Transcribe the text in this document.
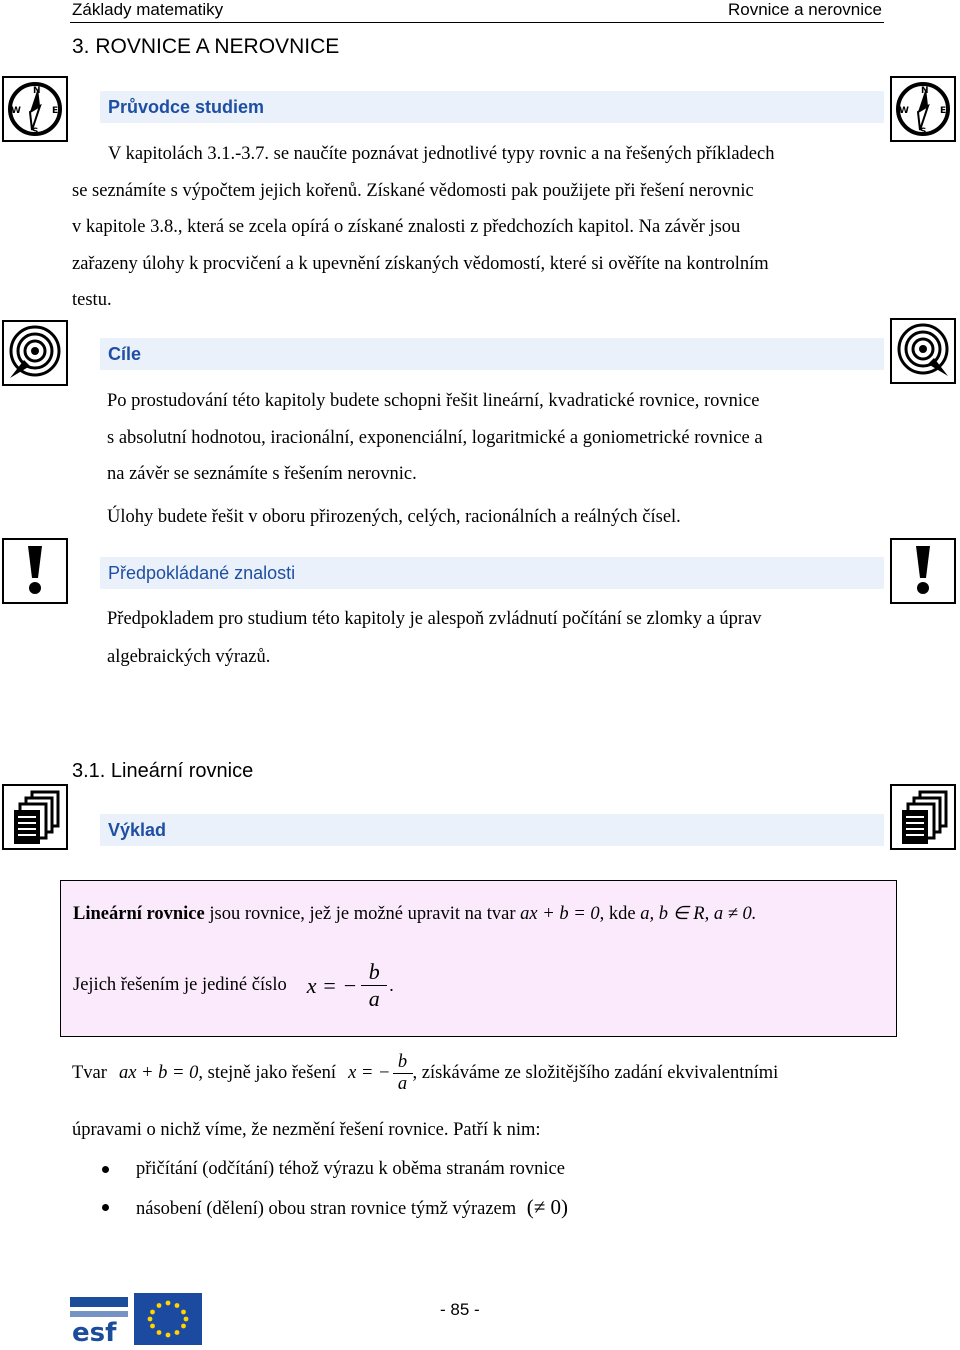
Základy matematiky	Rovnice a nerovnice
3. ROVNICE A NEROVNICE
N
W	E
S
N
W	E
S
Průvodce studiem
V kapitolách 3.1.-3.7. se naučíte poznávat jednotlivé typy rovnic a na řešených příkladech
se seznámíte s výpočtem jejich kořenů. Získané vědomosti pak použijete při řešení nerovnic
v kapitole 3.8., která se zcela opírá o získané znalosti z předchozích kapitol. Na závěr jsou
zařazeny úlohy k procvičení a k upevnění získaných vědomostí, které si ověříte na kontrolním
testu.
Cíle
Po prostudování této kapitoly budete schopni řešit lineární, kvadratické rovnice, rovnice
s absolutní hodnotou, iracionální, exponenciální, logaritmické a goniometrické rovnice a
na závěr se seznámíte s řešením nerovnic.
Úlohy budete řešit v oboru přirozených, celých, racionálních a reálných čísel.
Předpokládané znalosti
Předpokladem pro studium této kapitoly je alespoň zvládnutí počítání se zlomky a úprav
algebraických výrazů.
3.1. Lineární rovnice
Výklad
Lineární rovnice jsou rovnice, jež je možné upravit na tvar ax + b = 0, kde a, b ∈ R, a ≠ 0.
Jejich řešením je jediné číslo x = − $\frac{b}{a}$ .
Tvar ax + b = 0 , stejně jako řešení x = − $\frac{b}{a}$ , získáváme ze složitějšího zadání ekvivalentními
úpravami o nichž víme, že nezmění řešení rovnice. Patří k nim:
přičítání (odčítání) téhož výrazu k oběma stranám rovnice
násobení (dělení) obou stran rovnice týmž výrazem (≠ 0)
esf
- 85 -
